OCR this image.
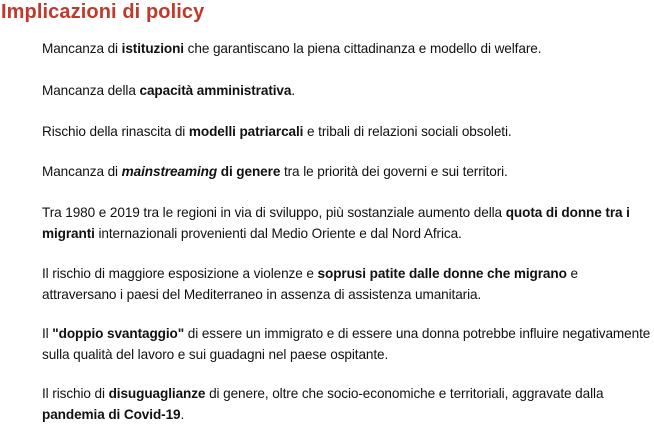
Implicazioni di policy
Mancanza di istituzioni che garantiscano la piena cittadinanza e modello di welfare.
Mancanza della capacità amministrativa.
Rischio della rinascita di modelli patriarcali e tribali di relazioni sociali obsoleti.
Mancanza di mainstreaming di genere tra le priorità dei governi e sui territori.
Tra 1980 e 2019 tra le regioni in via di sviluppo, più sostanziale aumento della quota di donne tra i migranti internazionali provenienti dal Medio Oriente e dal Nord Africa.
Il rischio di maggiore esposizione a violenze e soprusi patite dalle donne che migrano e attraversano i paesi del Mediterraneo in assenza di assistenza umanitaria.
Il "doppio svantaggio" di essere un immigrato e di essere una donna potrebbe influire negativamente sulla qualità del lavoro e sui guadagni nel paese ospitante.
Il rischio di disuguaglianze di genere, oltre che socio-economiche e territoriali, aggravate dalla pandemia di Covid-19.
